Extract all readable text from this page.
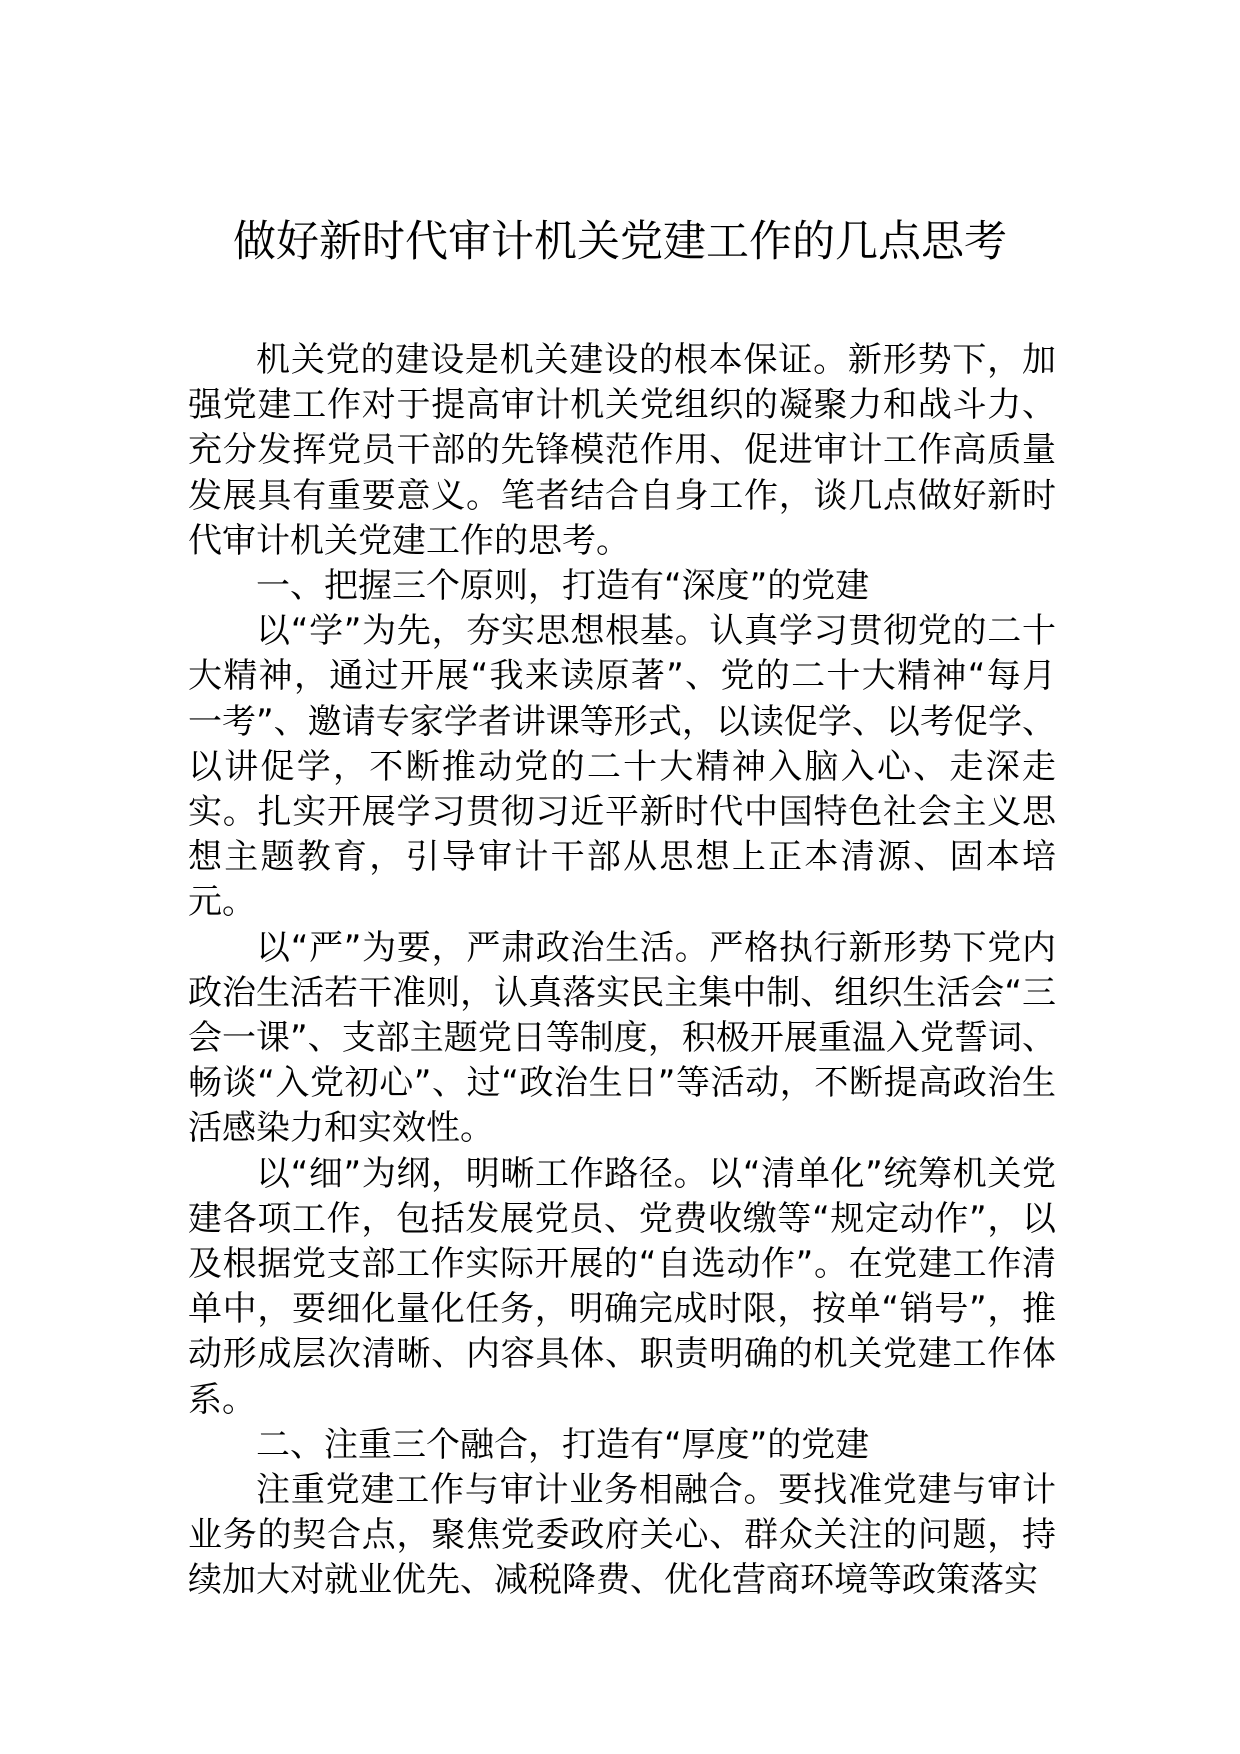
做好新时代审计机关党建工作的几点思考

机关党的建设是机关建设的根本保证。新形势下，加强党建工作对于提高审计机关党组织的凝聚力和战斗力、充分发挥党员干部的先锋模范作用、促进审计工作高质量发展具有重要意义。笔者结合自身工作，谈几点做好新时代审计机关党建工作的思考。

一、把握三个原则，打造有“深度”的党建

以“学”为先，夯实思想根基。认真学习贯彻党的二十大精神，通过开展“我来读原著”、党的二十大精神“每月一考”、邀请专家学者讲课等形式，以读促学、以考促学、以讲促学，不断推动党的二十大精神入脑入心、走深走实。扎实开展学习贯彻习近平新时代中国特色社会主义思想主题教育，引导审计干部从思想上正本清源、固本培元。

以“严”为要，严肃政治生活。严格执行新形势下党内政治生活若干准则，认真落实民主集中制、组织生活会“三会一课”、支部主题党日等制度，积极开展重温入党誓词、畅谈“入党初心”、过“政治生日”等活动，不断提高政治生活感染力和实效性。

以“细”为纲，明晰工作路径。以“清单化”统筹机关党建各项工作，包括发展党员、党费收缴等“规定动作”，以及根据党支部工作实际开展的“自选动作”。在党建工作清单中，要细化量化任务，明确完成时限，按单“销号”，推动形成层次清晰、内容具体、职责明确的机关党建工作体系。

二、注重三个融合，打造有“厚度”的党建

注重党建工作与审计业务相融合。要找准党建与审计业务的契合点，聚焦党委政府关心、群众关注的问题，持续加大对就业优先、减税降费、优化营商环境等政策落实
